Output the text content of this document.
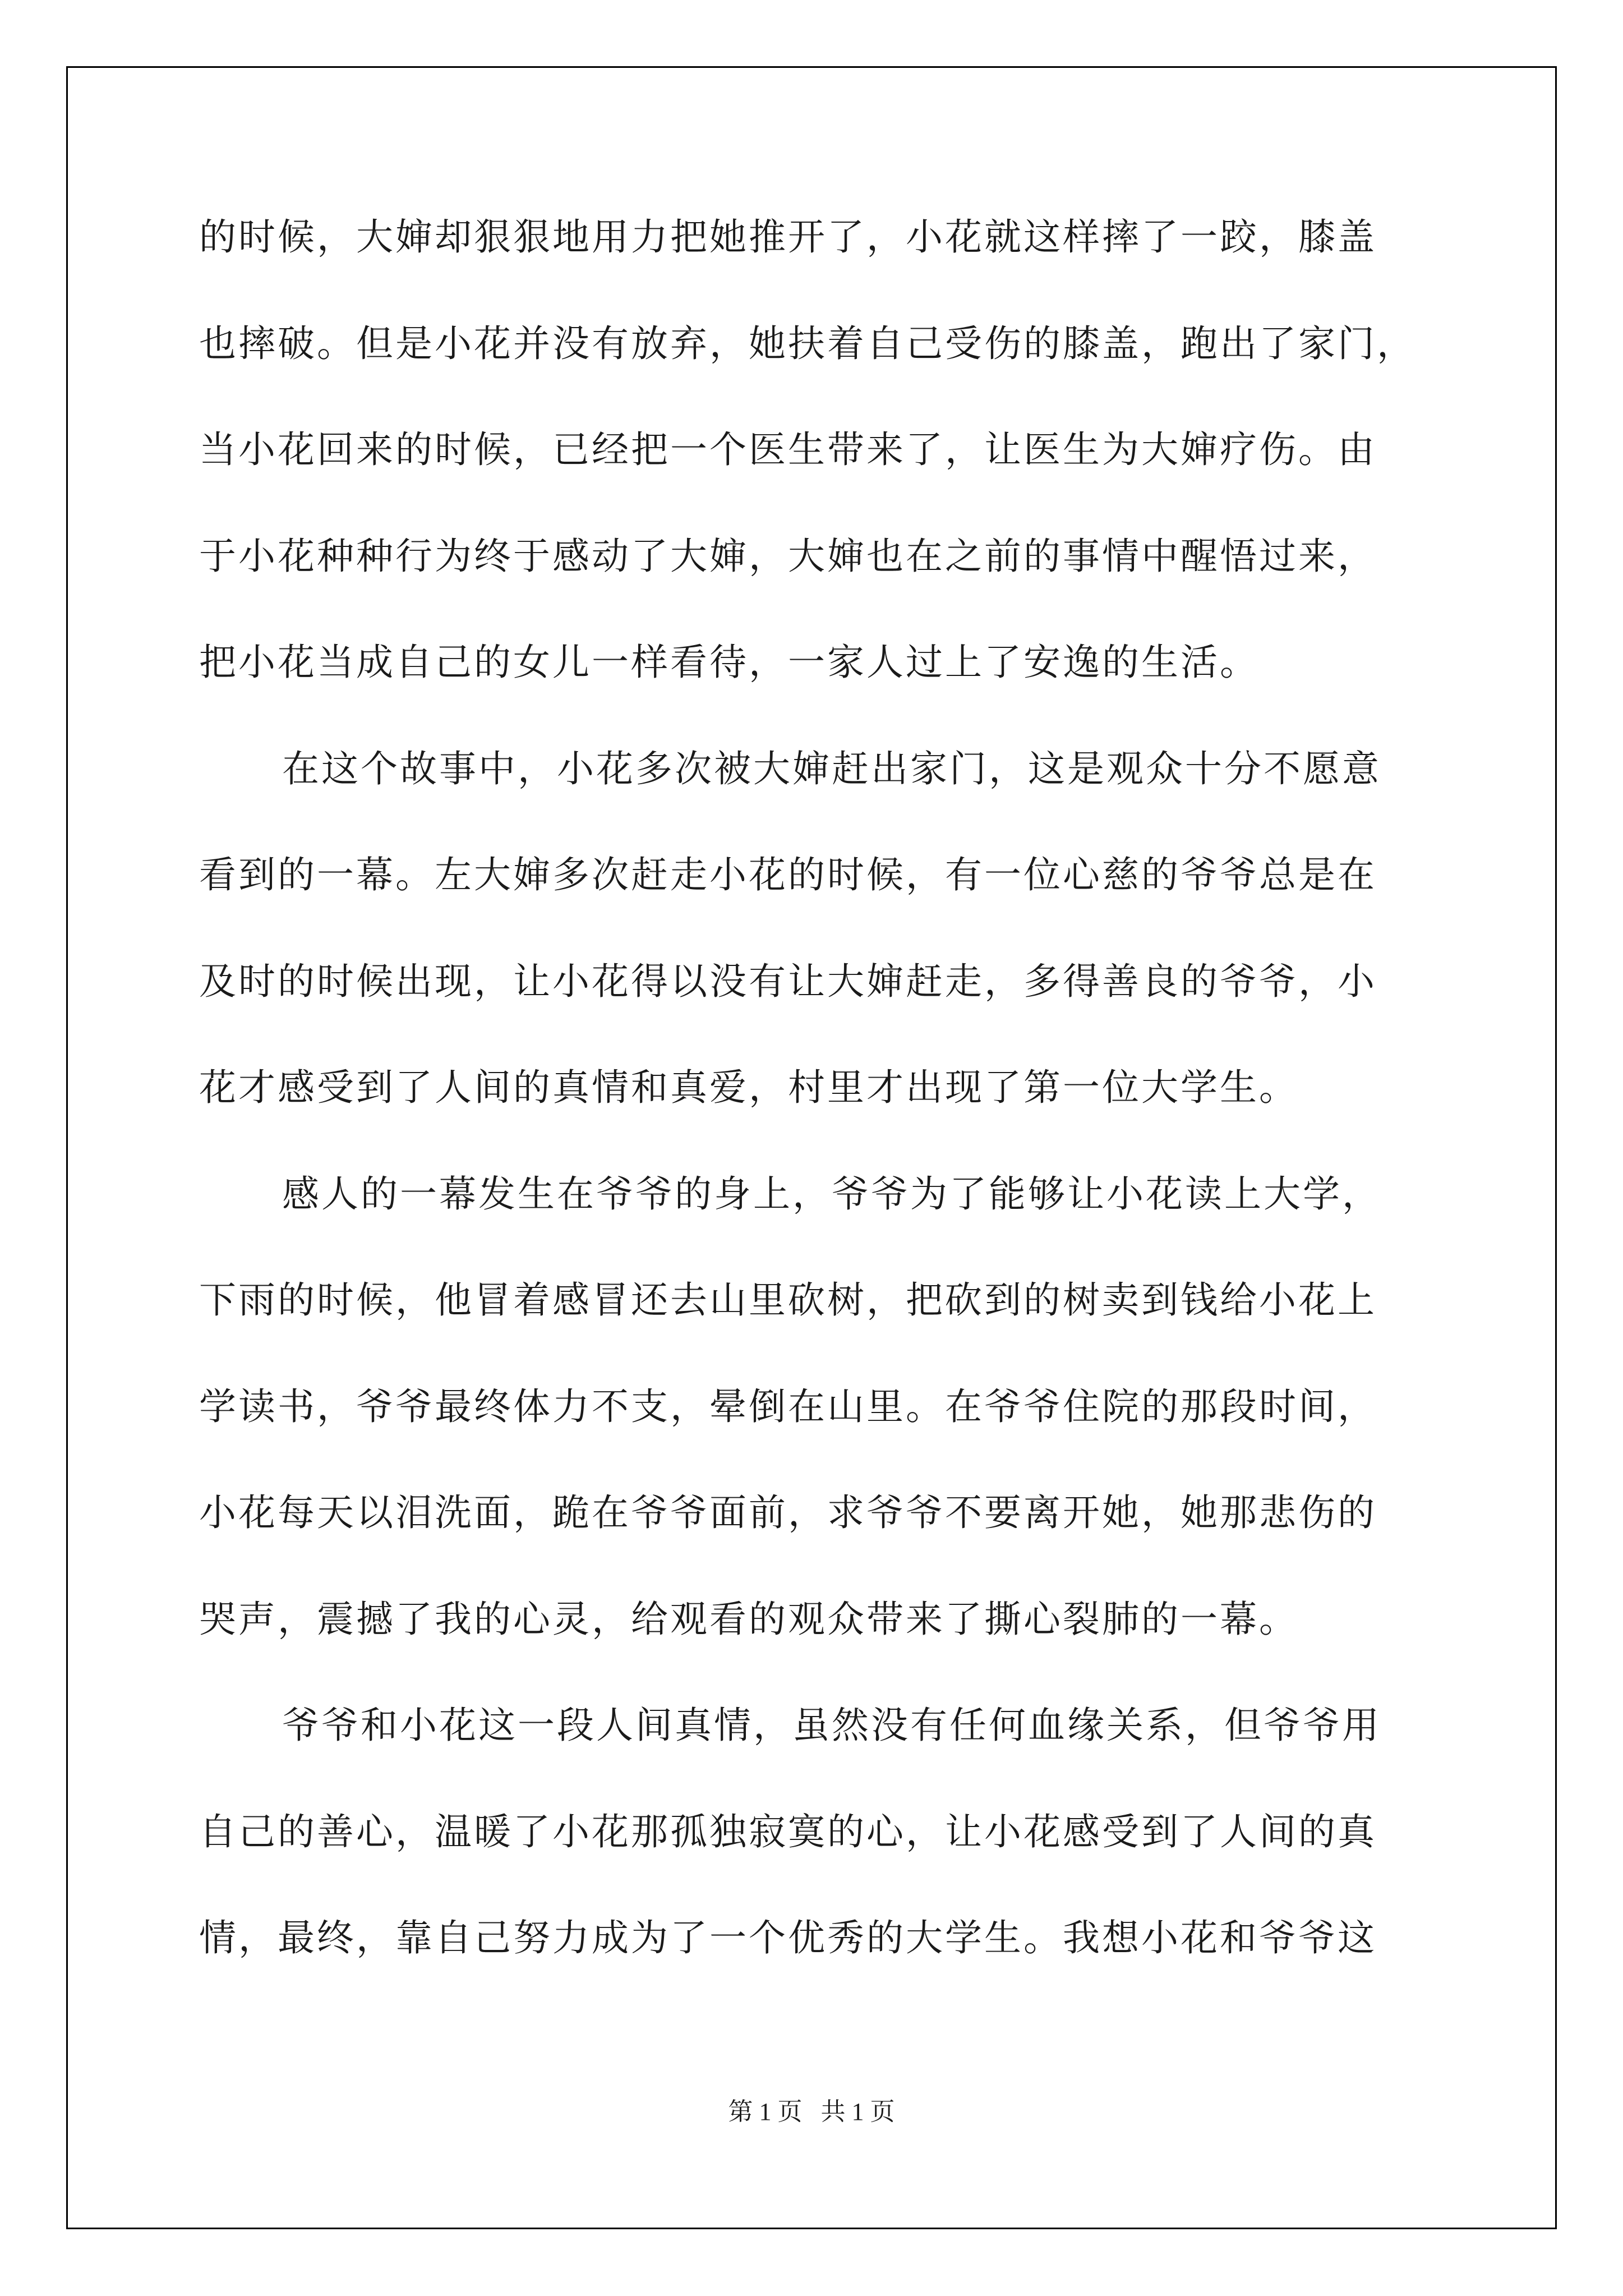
的时候，大婶却狠狠地用力把她推开了，小花就这样摔了一跤，膝盖
也摔破。但是小花并没有放弃，她扶着自己受伤的膝盖，跑出了家门，
当小花回来的时候，已经把一个医生带来了，让医生为大婶疗伤。由
于小花种种行为终于感动了大婶，大婶也在之前的事情中醒悟过来，
把小花当成自己的女儿一样看待，一家人过上了安逸的生活。
在这个故事中，小花多次被大婶赶出家门，这是观众十分不愿意
看到的一幕。左大婶多次赶走小花的时候，有一位心慈的爷爷总是在
及时的时候出现，让小花得以没有让大婶赶走，多得善良的爷爷，小
花才感受到了人间的真情和真爱，村里才出现了第一位大学生。
感人的一幕发生在爷爷的身上，爷爷为了能够让小花读上大学，
下雨的时候，他冒着感冒还去山里砍树，把砍到的树卖到钱给小花上
学读书，爷爷最终体力不支，晕倒在山里。在爷爷住院的那段时间，
小花每天以泪洗面，跪在爷爷面前，求爷爷不要离开她，她那悲伤的
哭声，震撼了我的心灵，给观看的观众带来了撕心裂肺的一幕。
爷爷和小花这一段人间真情，虽然没有任何血缘关系，但爷爷用
自己的善心，温暖了小花那孤独寂寞的心，让小花感受到了人间的真
情，最终，靠自己努力成为了一个优秀的大学生。我想小花和爷爷这
第 1 页   共 1 页
